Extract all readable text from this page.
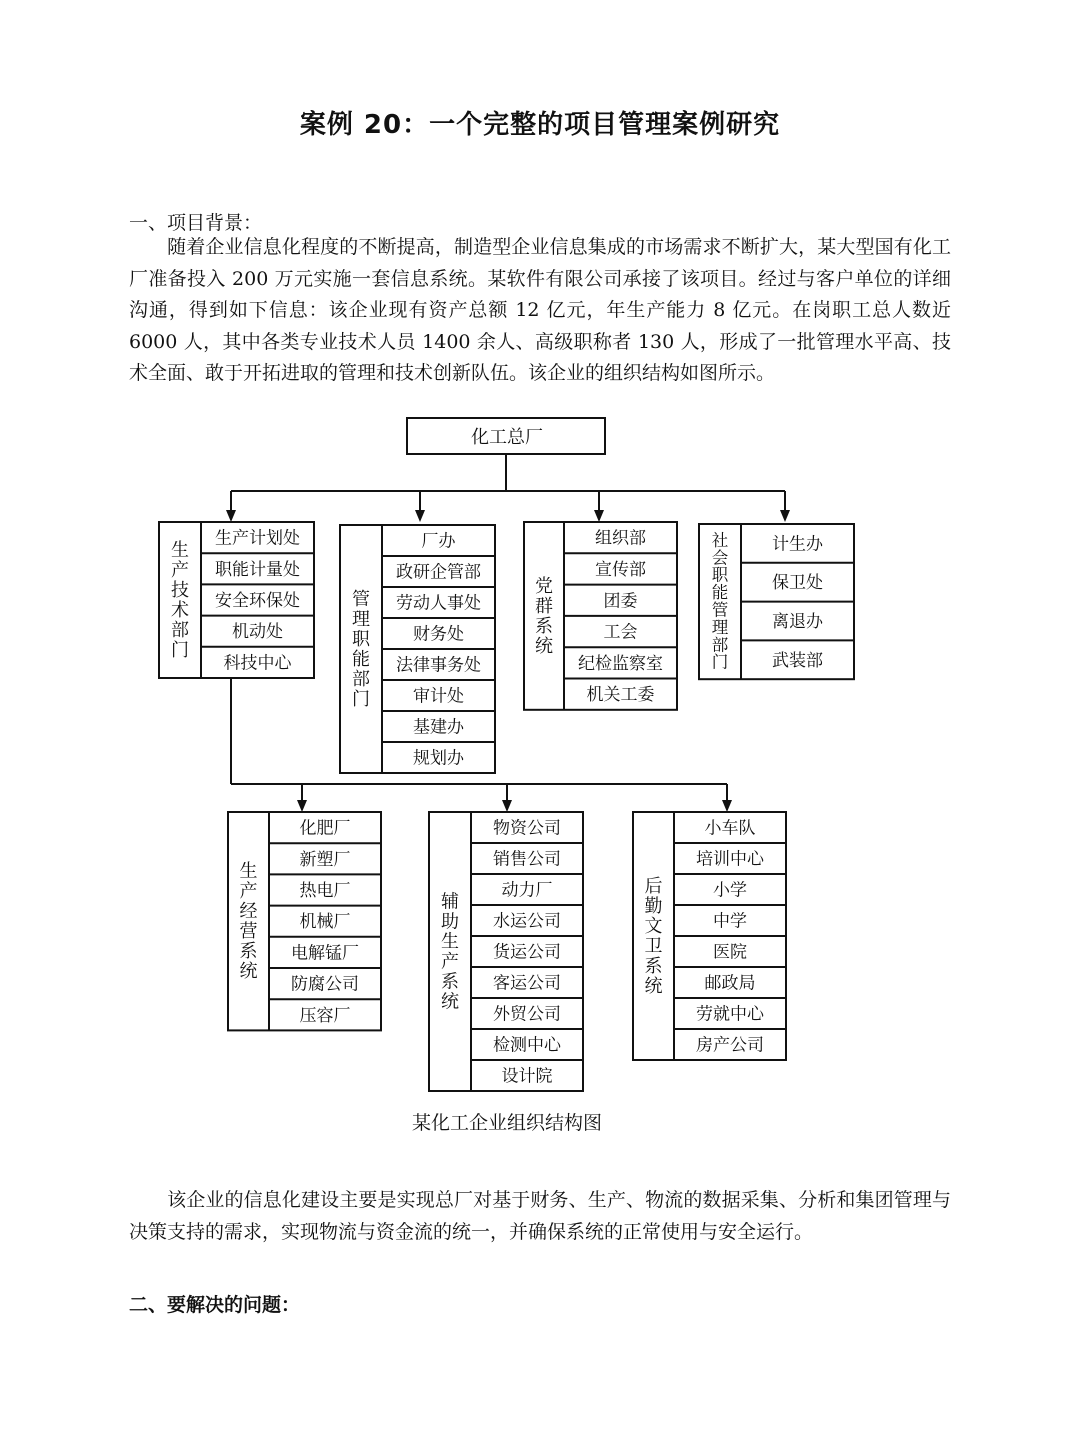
案例 20：一个完整的项目管理案例研究
一、项目背景：

随着企业信息化程度的不断提高，制造型企业信息集成的市场需求不断扩大，某大型国有化工厂准备投入 200 万元实施一套信息系统。某软件有限公司承接了该项目。经过与客户单位的详细沟通，得到如下信息：该企业现有资产总额 12 亿元，年生产能力 8 亿元。在岗职工总人数近 6000 人，其中各类专业技术人员 1400 余人、高级职称者 130 人，形成了一批管理水平高、技术全面、敢于开拓进取的管理和技术创新队伍。该企业的组织结构如图所示。

化工总厂
生产技术部门
生产计划处
职能计量处
安全环保处
机动处
科技中心
管理职能部门
厂办
政研企管部
劳动人事处
财务处
法律事务处
审计处
基建办
规划办
党群系统
组织部
宣传部
团委
工会
纪检监察室
机关工委
社会职能管理部门
计生办
保卫处
离退办
武装部
生产经营系统
化肥厂
新塑厂
热电厂
机械厂
电解锰厂
防腐公司
压容厂
辅助生产系统
物资公司
销售公司
动力厂
水运公司
货运公司
客运公司
外贸公司
检测中心
设计院
后勤文卫系统
小车队
培训中心
小学
中学
医院
邮政局
劳就中心
房产公司
某化工企业组织结构图

该企业的信息化建设主要是实现总厂对基于财务、生产、物流的数据采集、分析和集团管理与决策支持的需求，实现物流与资金流的统一，并确保系统的正常使用与安全运行。

二、要解决的问题：
